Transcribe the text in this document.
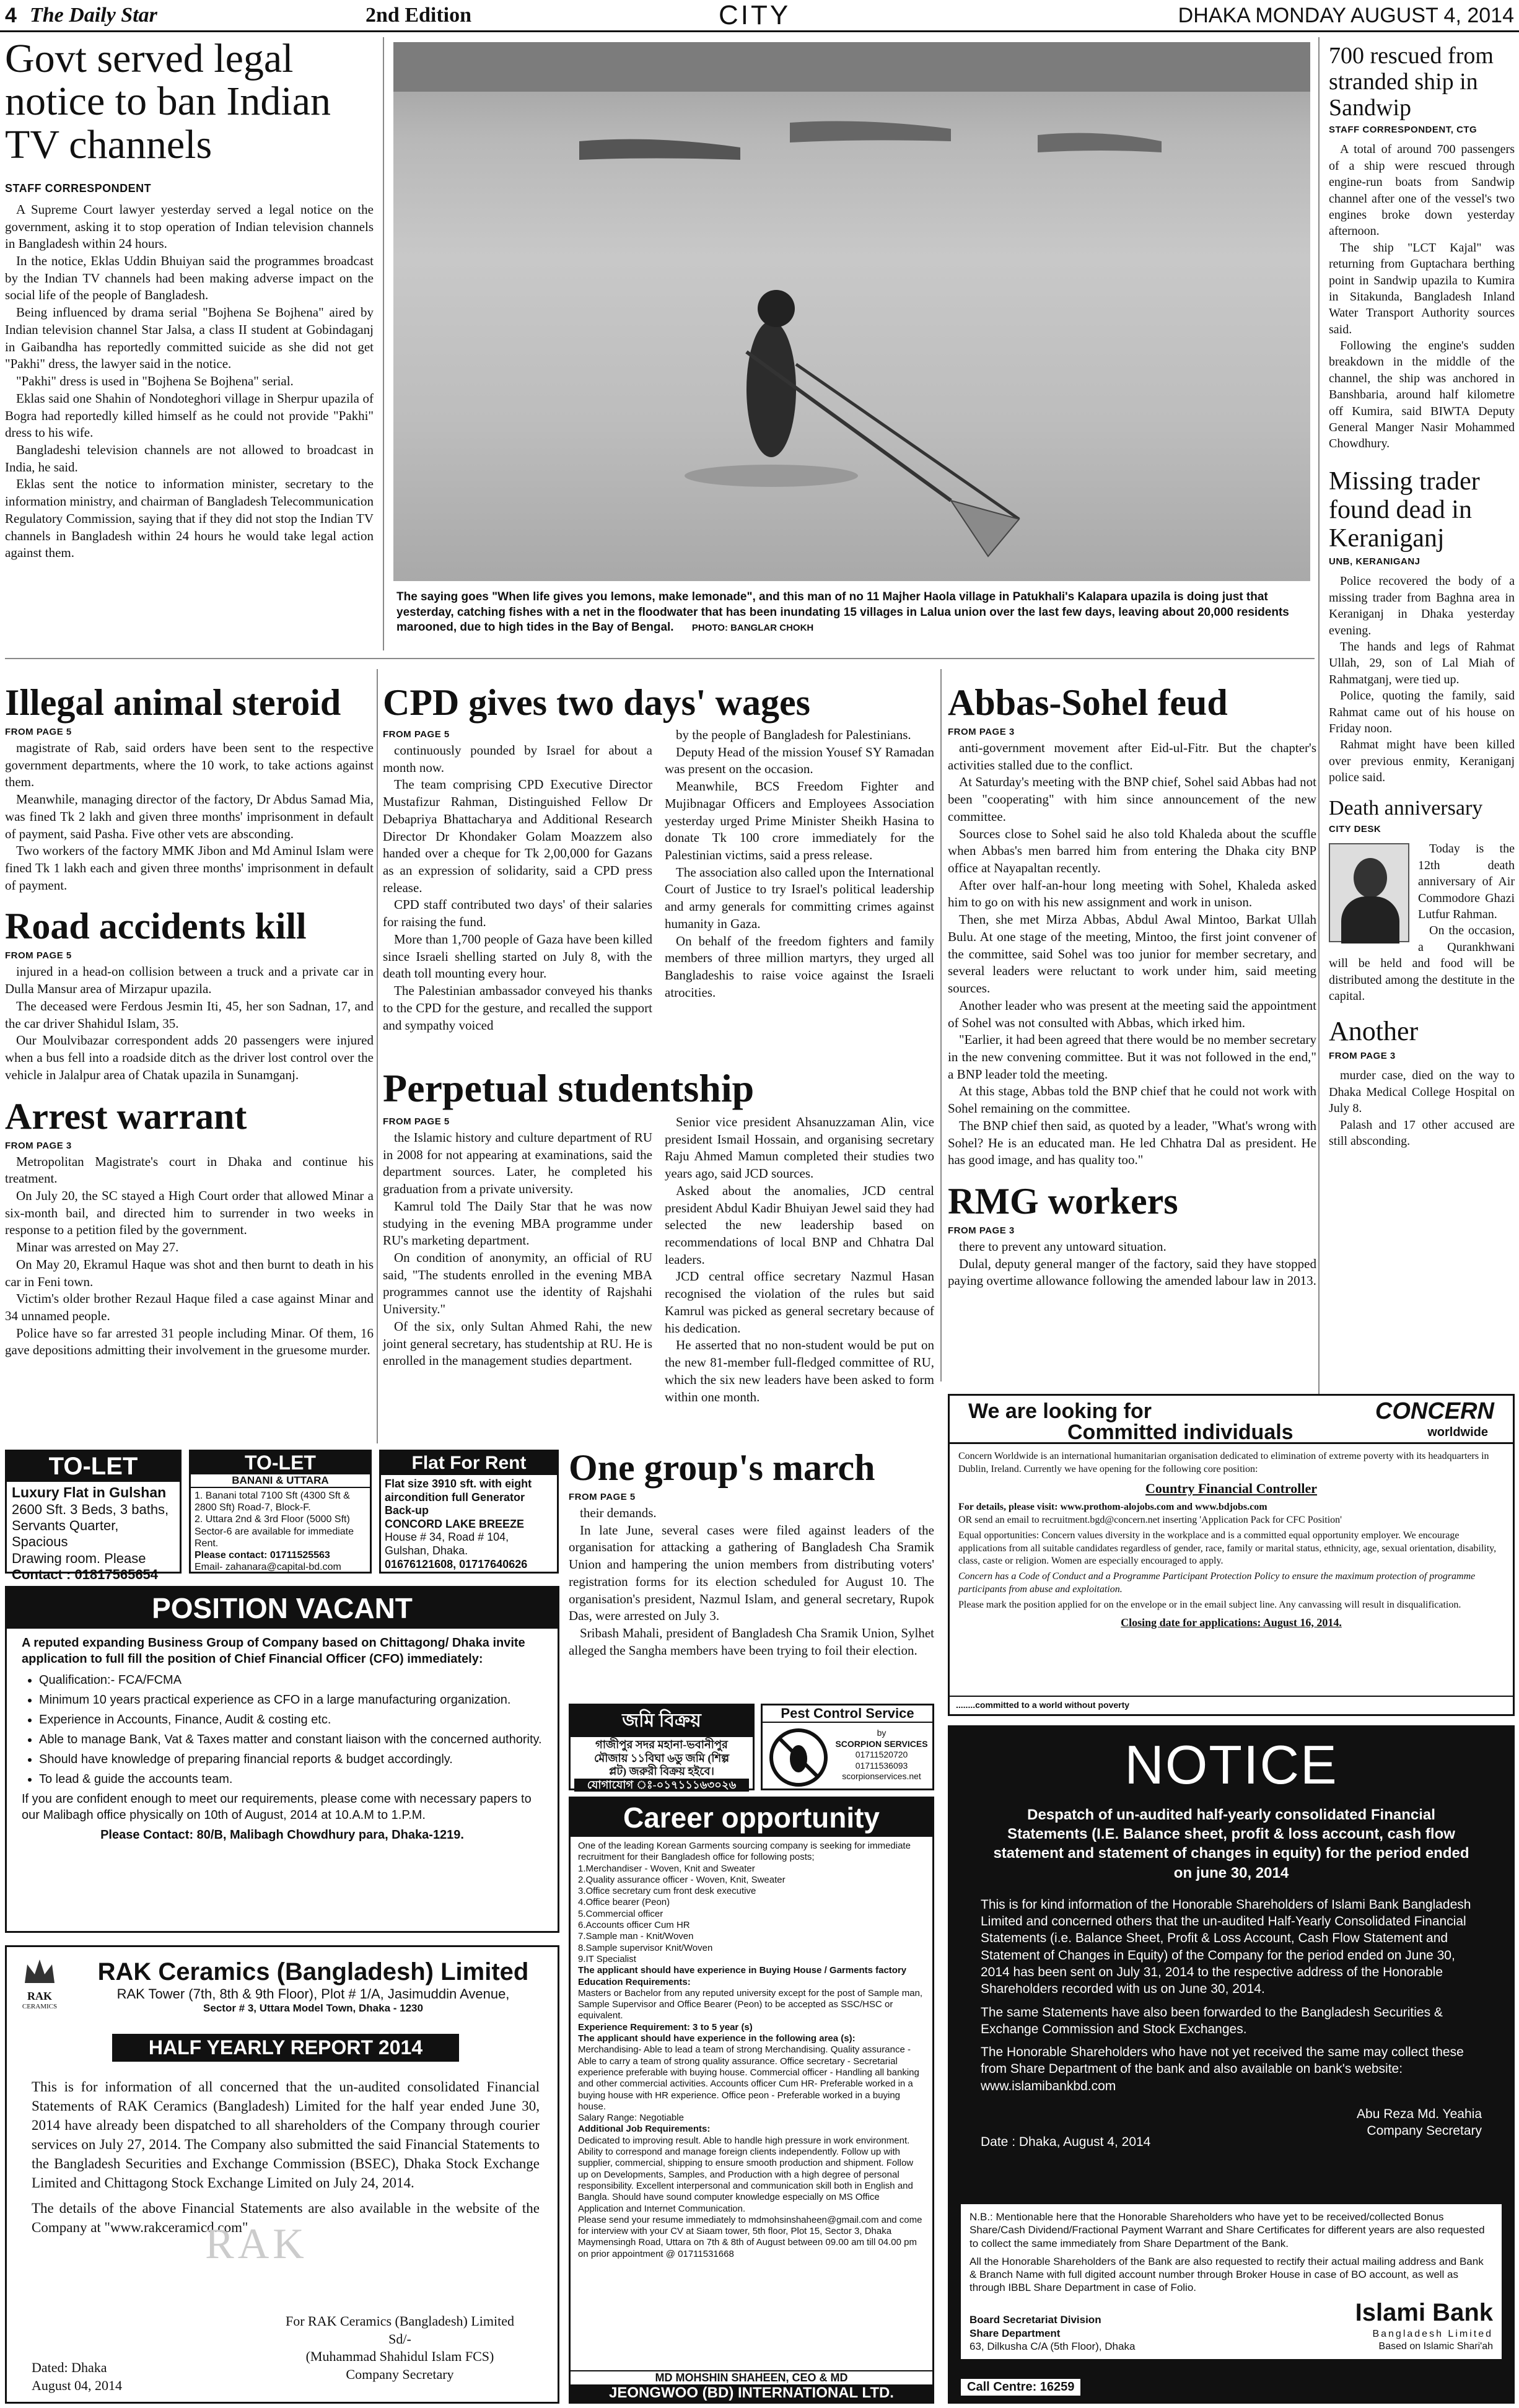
4 The Daily Star	2nd Edition	CITY	DHAKA MONDAY AUGUST 4, 2014
Govt served legal notice to ban Indian TV channels
STAFF CORRESPONDENT

A Supreme Court lawyer yesterday served a legal notice on the government, asking it to stop operation of Indian television channels in Bangladesh within 24 hours.

In the notice, Eklas Uddin Bhuiyan said the programmes broadcast by the Indian TV channels had been making adverse impact on the social life of the people of Bangladesh.

Being influenced by drama serial "Bojhena Se Bojhena" aired by Indian television channel Star Jalsa, a class II student at Gobindaganj in Gaibandha has reportedly committed suicide as she did not get "Pakhi" dress, the lawyer said in the notice.

"Pakhi" dress is used in "Bojhena Se Bojhena" serial.

Eklas said one Shahin of Nondoteghori village in Sherpur upazila of Bogra had reportedly killed himself as he could not provide "Pakhi" dress to his wife.

Bangladeshi television channels are not allowed to broadcast in India, he said.

Eklas sent the notice to information minister, secretary to the information ministry, and chairman of Bangladesh Telecommunication Regulatory Commission, saying that if they did not stop the Indian TV channels in Bangladesh within 24 hours he would take legal action against them.

The saying goes "When life gives you lemons, make lemonade", and this man of no 11 Majher Haola village in Patukhali's Kalapara upazila is doing just that yesterday, catching fishes with a net in the floodwater that has been inundating 15 villages in Lalua union over the last few days, leaving about 20,000 residents marooned, due to high tides in the Bay of Bengal. PHOTO: BANGLAR CHOKH
700 rescued from stranded ship in Sandwip
STAFF CORRESPONDENT, CTG

A total of around 700 passengers of a ship were rescued through engine-run boats from Sandwip channel after one of the vessel's two engines broke down yesterday afternoon.

The ship "LCT Kajal" was returning from Guptachara berthing point in Sandwip upazila to Kumira in Sitakunda, Bangladesh Inland Water Transport Authority sources said.

Following the engine's sudden breakdown in the middle of the channel, the ship was anchored in Banshbaria, around half kilometre off Kumira, said BIWTA Deputy General Manger Nasir Mohammed Chowdhury.

Missing trader found dead in Keraniganj
UNB, KERANIGANJ

Police recovered the body of a missing trader from Baghna area in Keraniganj in Dhaka yesterday evening.

The hands and legs of Rahmat Ullah, 29, son of Lal Miah of Rahmatganj, were tied up.

Police, quoting the family, said Rahmat came out of his house on Friday noon.

Rahmat might have been killed over previous enmity, Keraniganj police said.

Death anniversary
CITY DESK

Today is the 12th death anniversary of Air Commodore Ghazi Lutfur Rahman.

On the occasion, a Qurankhwani will be held and food will be distributed among the destitute in the capital.

Another
FROM PAGE 3

murder case, died on the way to Dhaka Medical College Hospital on July 8.

Palash and 17 other accused are still absconding.

Illegal animal steroid
FROM PAGE 5

magistrate of Rab, said orders have been sent to the respective government departments, where the 10 work, to take actions against them.

Meanwhile, managing director of the factory, Dr Abdus Samad Mia, was fined Tk 2 lakh and given three months' imprisonment in default of payment, said Pasha. Five other vets are absconding.

Two workers of the factory MMK Jibon and Md Aminul Islam were fined Tk 1 lakh each and given three months' imprisonment in default of payment.

Road accidents kill
FROM PAGE 5

injured in a head-on collision between a truck and a private car in Dulla Mansur area of Mirzapur upazila.

The deceased were Ferdous Jesmin Iti, 45, her son Sadnan, 17, and the car driver Shahidul Islam, 35.

Our Moulvibazar correspondent adds 20 passengers were injured when a bus fell into a roadside ditch as the driver lost control over the vehicle in Jalalpur area of Chatak upazila in Sunamganj.

Arrest warrant
FROM PAGE 3

Metropolitan Magistrate's court in Dhaka and continue his treatment.

On July 20, the SC stayed a High Court order that allowed Minar a six-month bail, and directed him to surrender in two weeks in response to a petition filed by the government.

Minar was arrested on May 27.

On May 20, Ekramul Haque was shot and then burnt to death in his car in Feni town.

Victim's older brother Rezaul Haque filed a case against Minar and 34 unnamed people.

Police have so far arrested 31 people including Minar. Of them, 16 gave depositions admitting their involvement in the gruesome murder.

CPD gives two days' wages
FROM PAGE 5

continuously pounded by Israel for about a month now.

The team comprising CPD Executive Director Mustafizur Rahman, Distinguished Fellow Dr Debapriya Bhattacharya and Additional Research Director Dr Khondaker Golam Moazzem also handed over a cheque for Tk 2,00,000 for Gazans as an expression of solidarity, said a CPD press release.

CPD staff contributed two days' of their salaries for raising the fund.

More than 1,700 people of Gaza have been killed since Israeli shelling started on July 8, with the death toll mounting every hour.

The Palestinian ambassador conveyed his thanks to the CPD for the gesture, and recalled the support and sympathy voiced

by the people of Bangladesh for Palestinians.

Deputy Head of the mission Yousef SY Ramadan was present on the occasion.

Meanwhile, BCS Freedom Fighter and Mujibnagar Officers and Employees Association yesterday urged Prime Minister Sheikh Hasina to donate Tk 100 crore immediately for the Palestinian victims, said a press release.

The association also called upon the International Court of Justice to try Israel's political leadership and army generals for committing crimes against humanity in Gaza.

On behalf of the freedom fighters and family members of three million martyrs, they urged all Bangladeshis to raise voice against the Israeli atrocities.

Perpetual studentship
FROM PAGE 5

the Islamic history and culture department of RU in 2008 for not appearing at examinations, said the department sources. Later, he completed his graduation from a private university.

Kamrul told The Daily Star that he was now studying in the evening MBA programme under RU's marketing department.

On condition of anonymity, an official of RU said, "The students enrolled in the evening MBA programmes cannot use the identity of Rajshahi University."

Of the six, only Sultan Ahmed Rahi, the new joint general secretary, has studentship at RU. He is enrolled in the management studies department.

Senior vice president Ahsanuzzaman Alin, vice president Ismail Hossain, and organising secretary Raju Ahmed Mamun completed their studies two years ago, said JCD sources.

Asked about the anomalies, JCD central president Abdul Kadir Bhuiyan Jewel said they had selected the new leadership based on recommendations of local BNP and Chhatra Dal leaders.

JCD central office secretary Nazmul Hasan recognised the violation of the rules but said Kamrul was picked as general secretary because of his dedication.

He asserted that no non-student would be put on the new 81-member full-fledged committee of RU, which the six new leaders have been asked to form within one month.

Abbas-Sohel feud
FROM PAGE 3

anti-government movement after Eid-ul-Fitr. But the chapter's activities stalled due to the conflict.

At Saturday's meeting with the BNP chief, Sohel said Abbas had not been "cooperating" with him since announcement of the new committee.

Sources close to Sohel said he also told Khaleda about the scuffle when Abbas's men barred him from entering the Dhaka city BNP office at Nayapaltan recently.

After over half-an-hour long meeting with Sohel, Khaleda asked him to go on with his new assignment and work in unison.

Then, she met Mirza Abbas, Abdul Awal Mintoo, Barkat Ullah Bulu. At one stage of the meeting, Mintoo, the first joint convener of the committee, said Sohel was too junior for member secretary, and several leaders were reluctant to work under him, said meeting sources.

Another leader who was present at the meeting said the appointment of Sohel was not consulted with Abbas, which irked him.

"Earlier, it had been agreed that there would be no member secretary in the new convening committee. But it was not followed in the end," a BNP leader told the meeting.

At this stage, Abbas told the BNP chief that he could not work with Sohel remaining on the committee.

The BNP chief then said, as quoted by a leader, "What's wrong with Sohel? He is an educated man. He led Chhatra Dal as president. He has good image, and has quality too."

RMG workers
FROM PAGE 3

there to prevent any untoward situation.

Dulal, deputy general manger of the factory, said they have stopped paying overtime allowance following the amended labour law in 2013.

One group's march
FROM PAGE 5

their demands.

In late June, several cases were filed against leaders of the organisation for attacking a gathering of Bangladesh Cha Sramik Union and hampering the union members from distributing voters' registration forms for its election scheduled for August 10. The organisation's president, Nazmul Islam, and general secretary, Rupok Das, were arrested on July 3.

Sribash Mahali, president of Bangladesh Cha Sramik Union, Sylhet alleged the Sangha members have been trying to foil their election.

TO-LET
Luxury Flat in Gulshan
2600 Sft. 3 Beds, 3 baths,
Servants Quarter, Spacious
Drawing room. Please
Contact : 01817565654
TO-LET
BANANI & UTTARA
1. Banani total 7100 Sft (4300 Sft & 2800 Sft) Road-7, Block-F.
2. Uttara 2nd & 3rd Floor (5000 Sft) Sector-6 are available for immediate Rent.
Please contact: 01711525563
Email- zahanara@capital-bd.com
Flat For Rent
Flat size 3910 sft. with eight aircondition full Generator Back-up
CONCORD LAKE BREEZE
House # 34, Road # 104, Gulshan, Dhaka.
01676121608, 01717640626
POSITION VACANT
A reputed expanding Business Group of Company based on Chittagong/ Dhaka invite application to full fill the position of Chief Financial Officer (CFO) immediately:
• Qualification:- FCA/FCMA
• Minimum 10 years practical experience as CFO in a large manufacturing organization.
• Experience in Accounts, Finance, Audit & costing etc.
• Able to manage Bank, Vat & Taxes matter and constant liaison with the concerned authority.
• Should have knowledge of preparing financial reports & budget accordingly.
• To lead & guide the accounts team.
If you are confident enough to meet our requirements, please come with necessary papers to our Malibagh office physically on 10th of August, 2014 at 10.A.M to 1.P.M.
Please Contact: 80/B, Malibagh Chowdhury para, Dhaka-1219.
RAK
CERAMICS
RAK Ceramics (Bangladesh) Limited
RAK Tower (7th, 8th & 9th Floor), Plot # 1/A, Jasimuddin Avenue,
Sector # 3, Uttara Model Town, Dhaka - 1230
HALF YEARLY REPORT 2014

This is for information of all concerned that the un-audited consolidated Financial Statements of RAK Ceramics (Bangladesh) Limited for the half year ended June 30, 2014 have already been dispatched to all shareholders of the Company through courier services on July 27, 2014. The Company also submitted the said Financial Statements to the Bangladesh Securities and Exchange Commission (BSEC), Dhaka Stock Exchange Limited and Chittagong Stock Exchange Limited on July 24, 2014.

The details of the above Financial Statements are also available in the website of the Company at "www.rakceramicd.com"

RAK
For RAK Ceramics (Bangladesh) Limited
Sd/-
(Muhammad Shahidul Islam FCS)
Company Secretary
Dated: Dhaka
August 04, 2014
জমি বিক্রয়
গাজীপুর সদর মহানা-ভবানীপুর
মৌজায় ১১বিঘা ৬ডু জমি (শিল্প
প্লট) জরুরী বিক্রয় হইবে।
যোগাযোগ ঃ-০১৭১১১৬৩০২৬
Pest Control Service
by
SCORPION SERVICES
01711520720
01711536093
scorpionservices.net
Career opportunity
One of the leading Korean Garments sourcing company is seeking for immediate recruitment for their Bangladesh office for following posts;
1.Merchandiser - Woven, Knit and Sweater
2.Quality assurance officer - Woven, Knit, Sweater
3.Office secretary cum front desk executive
4.Office bearer (Peon)
5.Commercial officer
6.Accounts officer Cum HR
7.Sample man - Knit/Woven
8.Sample supervisor Knit/Woven
9.IT Specialist
The applicant should have experience in Buying House / Garments factory
Education Requirements:
Masters or Bachelor from any reputed university except for the post of Sample man, Sample Supervisor and Office Bearer (Peon) to be accepted as SSC/HSC or equivalent.
Experience Requirement: 3 to 5 year (s)
The applicant should have experience in the following area (s):
Merchandising- Able to lead a team of strong Merchandising. Quality assurance - Able to carry a team of strong quality assurance. Office secretary - Secretarial experience preferable with buying house. Commercial officer - Handling all banking and other commercial activities. Accounts officer Cum HR- Preferable worked in a buying house with HR experience. Office peon - Preferable worked in a buying house.
Salary Range: Negotiable
Additional Job Requirements:
Dedicated to improving result. Able to handle high pressure in work environment. Ability to correspond and manage foreign clients independently. Follow up with supplier, commercial, shipping to ensure smooth production and shipment. Follow up on Developments, Samples, and Production with a high degree of personal responsibility. Excellent interpersonal and communication skill both in English and Bangla. Should have sound computer knowledge especially on MS Office Application and Internet Communication.
Please send your resume immediately to mdmohsinshaheen@gmail.com and come for interview with your CV at Siaam tower, 5th floor, Plot 15, Sector 3, Dhaka Maymensingh Road, Uttara on 7th & 8th of August between 09.00 am till 04.00 pm on prior appointment @ 01711531668
MD MOHSHIN SHAHEEN, CEO & MD
JEONGWOO (BD) INTERNATIONAL LTD.
We are looking for
Committed individuals
CONCERN
worldwide
Concern Worldwide is an international humanitarian organisation dedicated to elimination of extreme poverty with its headquarters in Dublin, Ireland. Currently we have opening for the following core position:
Country Financial Controller
For details, please visit: www.prothom-alojobs.com and www.bdjobs.com
OR send an email to recruitment.bgd@concern.net inserting 'Application Pack for CFC Position'
Equal opportunities: Concern values diversity in the workplace and is a committed equal opportunity employer. We encourage applications from all suitable candidates regardless of gender, race, family or marital status, ethnicity, age, sexual orientation, disability, class, caste or religion. Women are especially encouraged to apply.
Concern has a Code of Conduct and a Programme Participant Protection Policy to ensure the maximum protection of programme participants from abuse and exploitation.
Please mark the position applied for on the envelope or in the email subject line. Any canvassing will result in disqualification.
Closing date for applications: August 16, 2014.
........committed to a world without poverty
NOTICE
Despatch of un-audited half-yearly consolidated Financial Statements (I.E. Balance sheet, profit & loss account, cash flow statement and statement of changes in equity) for the period ended on june 30, 2014

This is for kind information of the Honorable Shareholders of Islami Bank Bangladesh Limited and concerned others that the un-audited Half-Yearly Consolidated Financial Statements (i.e. Balance Sheet, Profit & Loss Account, Cash Flow Statement and Statement of Changes in Equity) of the Company for the period ended on June 30, 2014 has been sent on July 31, 2014 to the respective address of the Honorable Shareholders recorded with us on June 30, 2014.

The same Statements have also been forwarded to the Bangladesh Securities & Exchange Commission and Stock Exchanges.

The Honorable Shareholders who have not yet received the same may collect these from Share Department of the bank and also available on bank's website: www.islamibankbd.com

Abu Reza Md. Yeahia
Company Secretary
Date : Dhaka, August 4, 2014

N.B.: Mentionable here that the Honorable Shareholders who have yet to be received/collected Bonus Share/Cash Dividend/Fractional Payment Warrant and Share Certificates for different years are also requested to collect the same immediately from Share Department of the Bank.

All the Honorable Shareholders of the Bank are also requested to rectify their actual mailing address and Bank & Branch Name with full digited account number through Broker House in case of BO account, as well as through IBBL Share Department in case of Folio.

Board Secretariat Division
Share Department
63, Dilkusha C/A (5th Floor), Dhaka
Islami Bank
Bangladesh Limited
Based on Islamic Shari'ah
Call Centre: 16259
